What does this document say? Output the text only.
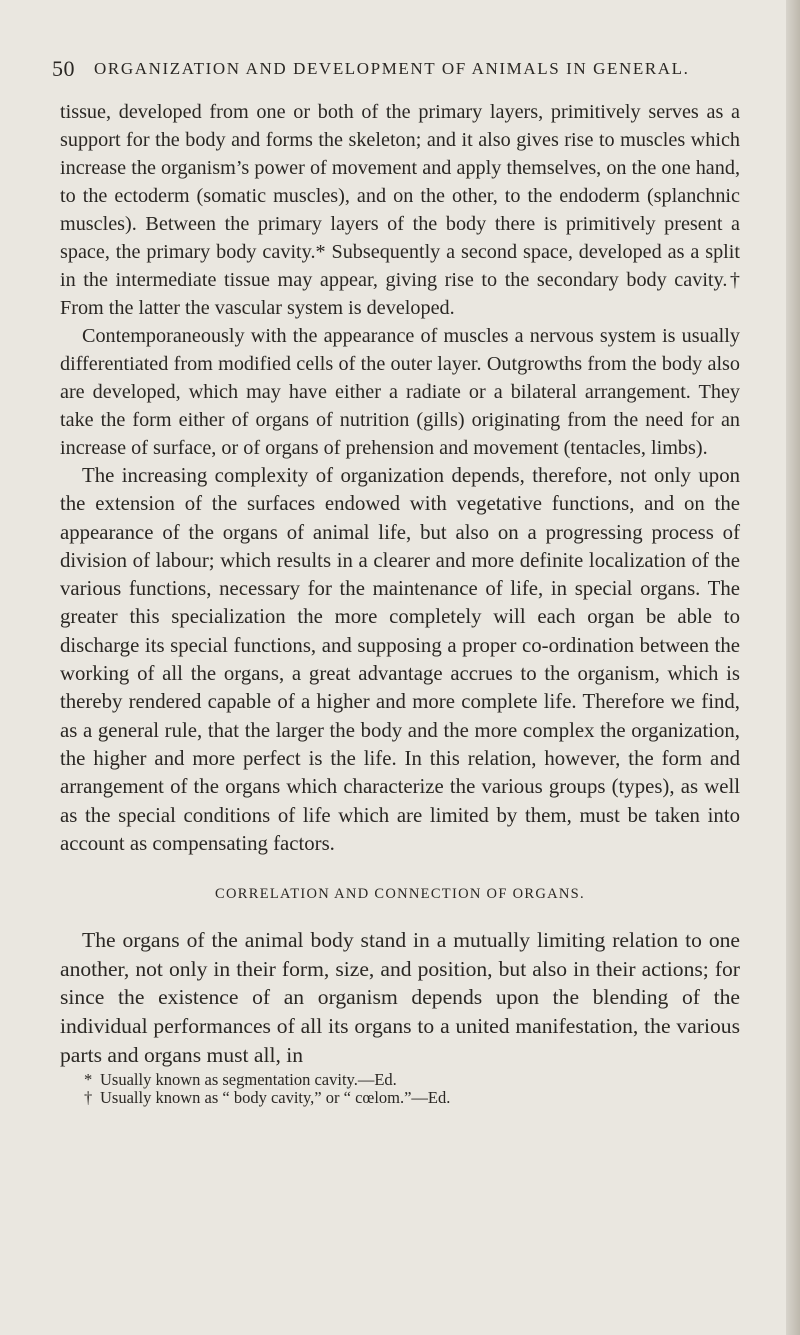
50 ORGANIZATION AND DEVELOPMENT OF ANIMALS IN GENERAL.

tissue, developed from one or both of the primary layers, primitively serves as a support for the body and forms the skeleton; and it also gives rise to muscles which increase the organism’s power of movement and apply themselves, on the one hand, to the ectoderm (somatic muscles), and on the other, to the endoderm (splanchnic muscles). Between the primary layers of the body there is primitively present a space, the primary body cavity.* Subsequently a second space, developed as a split in the intermediate tissue may appear, giving rise to the secondary body cavity.† From the latter the vascular system is developed.

Contemporaneously with the appearance of muscles a nervous system is usually differentiated from modified cells of the outer layer. Outgrowths from the body also are developed, which may have either a radiate or a bilateral arrangement. They take the form either of organs of nutrition (gills) originating from the need for an increase of surface, or of organs of prehension and movement (tentacles, limbs).

The increasing complexity of organization depends, therefore, not only upon the extension of the surfaces endowed with vegetative functions, and on the appearance of the organs of animal life, but also on a progressing process of division of labour; which results in a clearer and more definite localization of the various functions, necessary for the maintenance of life, in special organs. The greater this specialization the more completely will each organ be able to discharge its special functions, and supposing a proper co-ordination between the working of all the organs, a great advantage accrues to the organism, which is thereby rendered capable of a higher and more complete life. Therefore we find, as a general rule, that the larger the body and the more complex the organization, the higher and more perfect is the life. In this relation, however, the form and arrangement of the organs which characterize the various groups (types), as well as the special conditions of life which are limited by them, must be taken into account as compensating factors.

CORRELATION AND CONNECTION OF ORGANS.

The organs of the animal body stand in a mutually limiting relation to one another, not only in their form, size, and position, but also in their actions; for since the existence of an organism depends upon the blending of the individual performances of all its organs to a united manifestation, the various parts and organs must all, in

* Usually known as segmentation cavity.—Ed.

† Usually known as “ body cavity,” or “ cœlom.”—Ed.
